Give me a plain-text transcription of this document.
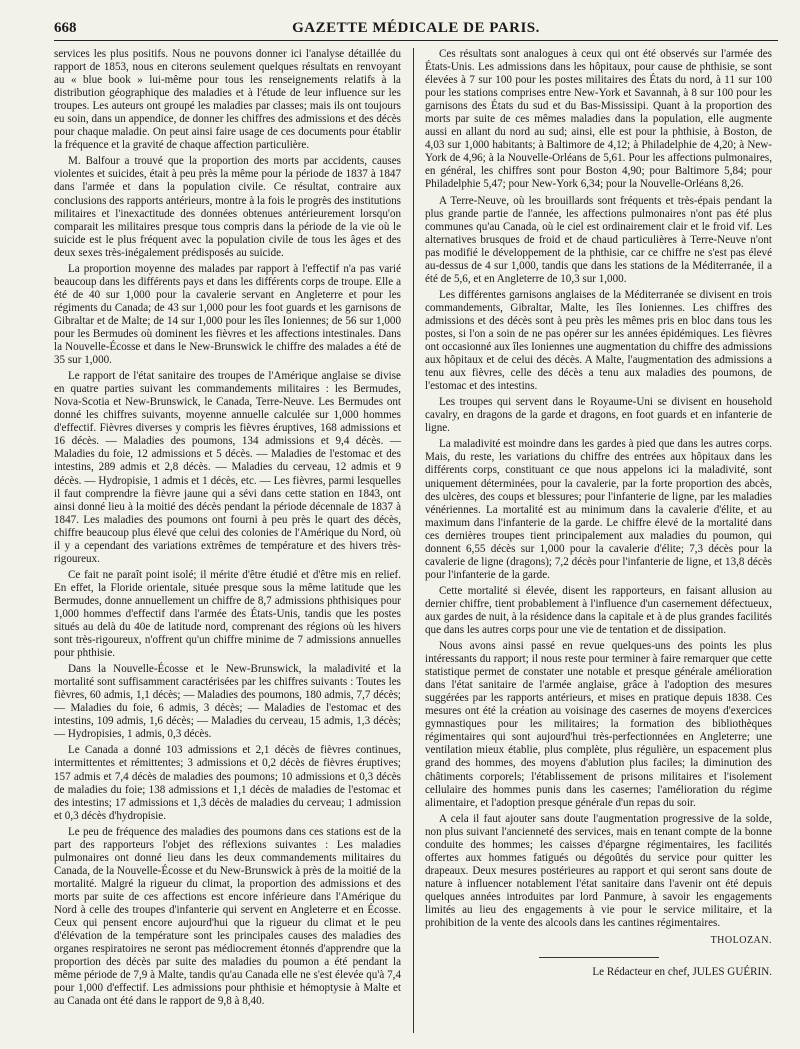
668	GAZETTE MÉDICALE DE PARIS.

services les plus positifs. Nous ne pouvons donner ici l'analyse détaillée du rapport de 1853, nous en citerons seulement quelques résultats en renvoyant au « blue book » lui-même pour tous les renseignements relatifs à la distribution géographique des maladies et à l'étude de leur influence sur les troupes. Les auteurs ont groupé les maladies par classes; mais ils ont toujours eu soin, dans un appendice, de donner les chiffres des admissions et des décès pour chaque maladie. On peut ainsi faire usage de ces documents pour établir la fréquence et la gravité de chaque affection particulière.

M. Balfour a trouvé que la proportion des morts par accidents, causes violentes et suicides, était à peu près la même pour la période de 1837 à 1847 dans l'armée et dans la population civile. Ce résultat, contraire aux conclusions des rapports antérieurs, montre à la fois le progrès des institutions militaires et l'inexactitude des données obtenues antérieurement lorsqu'on comparait les militaires presque tous compris dans la période de la vie où le suicide est le plus fréquent avec la population civile de tous les âges et des deux sexes très-inégalement prédisposés au suicide.

La proportion moyenne des malades par rapport à l'effectif n'a pas varié beaucoup dans les différents pays et dans les différents corps de troupe. Elle a été de 40 sur 1,000 pour la cavalerie servant en Angleterre et pour les régiments du Canada; de 43 sur 1,000 pour les foot guards et les garnisons de Gibraltar et de Malte; de 14 sur 1,000 pour les îles Ioniennes; de 56 sur 1,000 pour les Bermudes où dominent les fièvres et les affections intestinales. Dans la Nouvelle-Écosse et dans le New-Brunswick le chiffre des malades a été de 35 sur 1,000.

Le rapport de l'état sanitaire des troupes de l'Amérique anglaise se divise en quatre parties suivant les commandements militaires : les Bermudes, Nova-Scotia et New-Brunswick, le Canada, Terre-Neuve. Les Bermudes ont donné les chiffres suivants, moyenne annuelle calculée sur 1,000 hommes d'effectif. Fièvres diverses y compris les fièvres éruptives, 168 admissions et 16 décès. — Maladies des poumons, 134 admissions et 9,4 décès. — Maladies du foie, 12 admissions et 5 décès. — Maladies de l'estomac et des intestins, 289 admis et 2,8 décès. — Maladies du cerveau, 12 admis et 9 décès. — Hydropisie, 1 admis et 1 décès, etc. — Les fièvres, parmi lesquelles il faut comprendre la fièvre jaune qui a sévi dans cette station en 1843, ont ainsi donné lieu à la moitié des décès pendant la période décennale de 1837 à 1847. Les maladies des poumons ont fourni à peu près le quart des décès, chiffre beaucoup plus élevé que celui des colonies de l'Amérique du Nord, où il y a cependant des variations extrêmes de température et des hivers très-rigoureux.

Ce fait ne paraît point isolé; il mérite d'être étudié et d'être mis en relief. En effet, la Floride orientale, située presque sous la même latitude que les Bermudes, donne annuellement un chiffre de 8,7 admissions phthisiques pour 1,000 hommes d'effectif dans l'armée des États-Unis, tandis que les postes situés au delà du 40e de latitude nord, comprenant des régions où les hivers sont très-rigoureux, n'offrent qu'un chiffre minime de 7 admissions annuelles pour phthisie.

Dans la Nouvelle-Écosse et le New-Brunswick, la maladivité et la mortalité sont suffisamment caractérisées par les chiffres suivants : Toutes les fièvres, 60 admis, 1,1 décès; — Maladies des poumons, 180 admis, 7,7 décès; — Maladies du foie, 6 admis, 3 décès; — Maladies de l'estomac et des intestins, 109 admis, 1,6 décès; — Maladies du cerveau, 15 admis, 1,3 décès; — Hydropisies, 1 admis, 0,3 décès.

Le Canada a donné 103 admissions et 2,1 décès de fièvres continues, intermittentes et rémittentes; 3 admissions et 0,2 décès de fièvres éruptives; 157 admis et 7,4 décès de maladies des poumons; 10 admissions et 0,3 décès de maladies du foie; 138 admissions et 1,1 décès de maladies de l'estomac et des intestins; 17 admissions et 1,3 décès de maladies du cerveau; 1 admission et 0,3 décès d'hydropisie.

Le peu de fréquence des maladies des poumons dans ces stations est de la part des rapporteurs l'objet des réflexions suivantes : Les maladies pulmonaires ont donné lieu dans les deux commandements militaires du Canada, de la Nouvelle-Écosse et du New-Brunswick à près de la moitié de la mortalité. Malgré la rigueur du climat, la proportion des admissions et des morts par suite de ces affections est encore inférieure dans l'Amérique du Nord à celle des troupes d'infanterie qui servent en Angleterre et en Écosse. Ceux qui pensent encore aujourd'hui que la rigueur du climat et le peu d'élévation de la température sont les principales causes des maladies des organes respiratoires ne seront pas médiocrement étonnés d'apprendre que la proportion des décès par suite des maladies du poumon a été pendant la même période de 7,9 à Malte, tandis qu'au Canada elle ne s'est élevée qu'à 7,4 pour 1,000 d'effectif. Les admissions pour phthisie et hémoptysie à Malte et au Canada ont été dans le rapport de 9,8 à 8,40.

Ces résultats sont analogues à ceux qui ont été observés sur l'armée des États-Unis. Les admissions dans les hôpitaux, pour cause de phthisie, se sont élevées à 7 sur 100 pour les postes militaires des États du nord, à 11 sur 100 pour les stations comprises entre New-York et Savannah, à 8 sur 100 pour les garnisons des États du sud et du Bas-Mississipi. Quant à la proportion des morts par suite de ces mêmes maladies dans la population, elle augmente aussi en allant du nord au sud; ainsi, elle est pour la phthisie, à Boston, de 4,03 sur 1,000 habitants; à Baltimore de 4,12; à Philadelphie de 4,20; à New-York de 4,96; à la Nouvelle-Orléans de 5,61. Pour les affections pulmonaires, en général, les chiffres sont pour Boston 4,90; pour Baltimore 5,84; pour Philadelphie 5,47; pour New-York 6,34; pour la Nouvelle-Orléans 8,26.

A Terre-Neuve, où les brouillards sont fréquents et très-épais pendant la plus grande partie de l'année, les affections pulmonaires n'ont pas été plus communes qu'au Canada, où le ciel est ordinairement clair et le froid vif. Les alternatives brusques de froid et de chaud particulières à Terre-Neuve n'ont pas modifié le développement de la phthisie, car ce chiffre ne s'est pas élevé au-dessus de 4 sur 1,000, tandis que dans les stations de la Méditerranée, il a été de 5,6, et en Angleterre de 10,3 sur 1,000.

Les différentes garnisons anglaises de la Méditerranée se divisent en trois commandements, Gibraltar, Malte, les îles Ioniennes. Les chiffres des admissions et des décès sont à peu près les mêmes pris en bloc dans tous les postes, si l'on a soin de ne pas opérer sur les années épidémiques. Les fièvres ont occasionné aux îles Ioniennes une augmentation du chiffre des admissions aux hôpitaux et de celui des décès. A Malte, l'augmentation des admissions a tenu aux fièvres, celle des décès a tenu aux maladies des poumons, de l'estomac et des intestins.

Les troupes qui servent dans le Royaume-Uni se divisent en household cavalry, en dragons de la garde et dragons, en foot guards et en infanterie de ligne.

La maladivité est moindre dans les gardes à pied que dans les autres corps. Mais, du reste, les variations du chiffre des entrées aux hôpitaux dans les différents corps, constituant ce que nous appelons ici la maladivité, sont uniquement déterminées, pour la cavalerie, par la forte proportion des abcès, des ulcères, des coups et blessures; pour l'infanterie de ligne, par les maladies vénériennes. La mortalité est au minimum dans la cavalerie d'élite, et au maximum dans l'infanterie de la garde. Le chiffre élevé de la mortalité dans ces dernières troupes tient principalement aux maladies du poumon, qui donnent 6,55 décès sur 1,000 pour la cavalerie d'élite; 7,3 décès pour la cavalerie de ligne (dragons); 7,2 décès pour l'infanterie de ligne, et 13,8 décès pour l'infanterie de la garde.

Cette mortalité si élevée, disent les rapporteurs, en faisant allusion au dernier chiffre, tient probablement à l'influence d'un casernement défectueux, aux gardes de nuit, à la résidence dans la capitale et à de plus grandes facilités que dans les autres corps pour une vie de tentation et de dissipation.

Nous avons ainsi passé en revue quelques-uns des points les plus intéressants du rapport; il nous reste pour terminer à faire remarquer que cette statistique permet de constater une notable et presque générale amélioration dans l'état sanitaire de l'armée anglaise, grâce à l'adoption des mesures suggérées par les rapports antérieurs, et mises en pratique depuis 1838. Ces mesures ont été la création au voisinage des casernes de moyens d'exercices gymnastiques pour les militaires; la formation des bibliothèques régimentaires qui sont aujourd'hui très-perfectionnées en Angleterre; une ventilation mieux établie, plus complète, plus régulière, un espacement plus grand des hommes, des moyens d'ablution plus faciles; la diminution des châtiments corporels; l'établissement de prisons militaires et l'isolement cellulaire des hommes punis dans les casernes; l'amélioration du régime alimentaire, et l'adoption presque générale d'un repas du soir.

A cela il faut ajouter sans doute l'augmentation progressive de la solde, non plus suivant l'ancienneté des services, mais en tenant compte de la bonne conduite des hommes; les caisses d'épargne régimentaires, les facilités offertes aux hommes fatigués ou dégoûtés du service pour quitter les drapeaux. Deux mesures postérieures au rapport et qui seront sans doute de nature à influencer notablement l'état sanitaire dans l'avenir ont été depuis quelques années introduites par lord Panmure, à savoir les engagements limités au lieu des engagements à vie pour le service militaire, et la prohibition de la vente des alcools dans les cantines régimentaires.

THOLOZAN.

Le Rédacteur en chef, JULES GUÉRIN.
